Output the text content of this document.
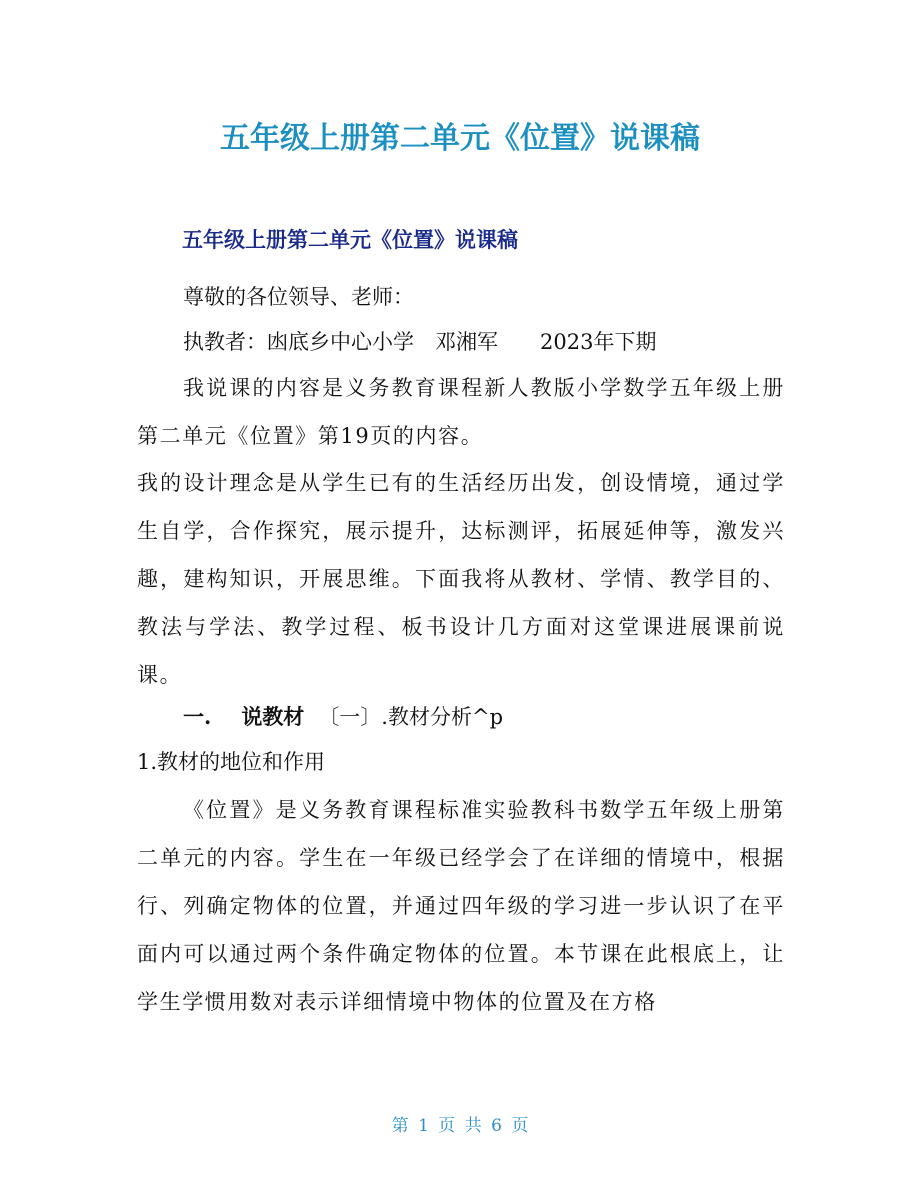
五年级上册第二单元《位置》说课稿
五年级上册第二单元《位置》说课稿
尊敬的各位领导、老师：
执教者：凼底乡中心小学　邓湘军　　2023年下期
我说课的内容是义务教育课程新人教版小学数学五年级上册第二单元《位置》第19页的内容。
我的设计理念是从学生已有的生活经历出发，创设情境，通过学生自学，合作探究，展示提升，达标测评，拓展延伸等，激发兴趣，建构知识，开展思维。下面我将从教材、学情、教学目的、教法与学法、教学过程、板书设计几方面对这堂课进展课前说课。
一. 说教材 〔一〕.教材分析^p
1.教材的地位和作用
《位置》是义务教育课程标准实验教科书数学五年级上册第二单元的内容。学生在一年级已经学会了在详细的情境中，根据行、列确定物体的位置，并通过四年级的学习进一步认识了在平面内可以通过两个条件确定物体的位置。本节课在此根底上，让学生学惯用数对表示详细情境中物体的位置及在方格
第 1 页 共 6 页
